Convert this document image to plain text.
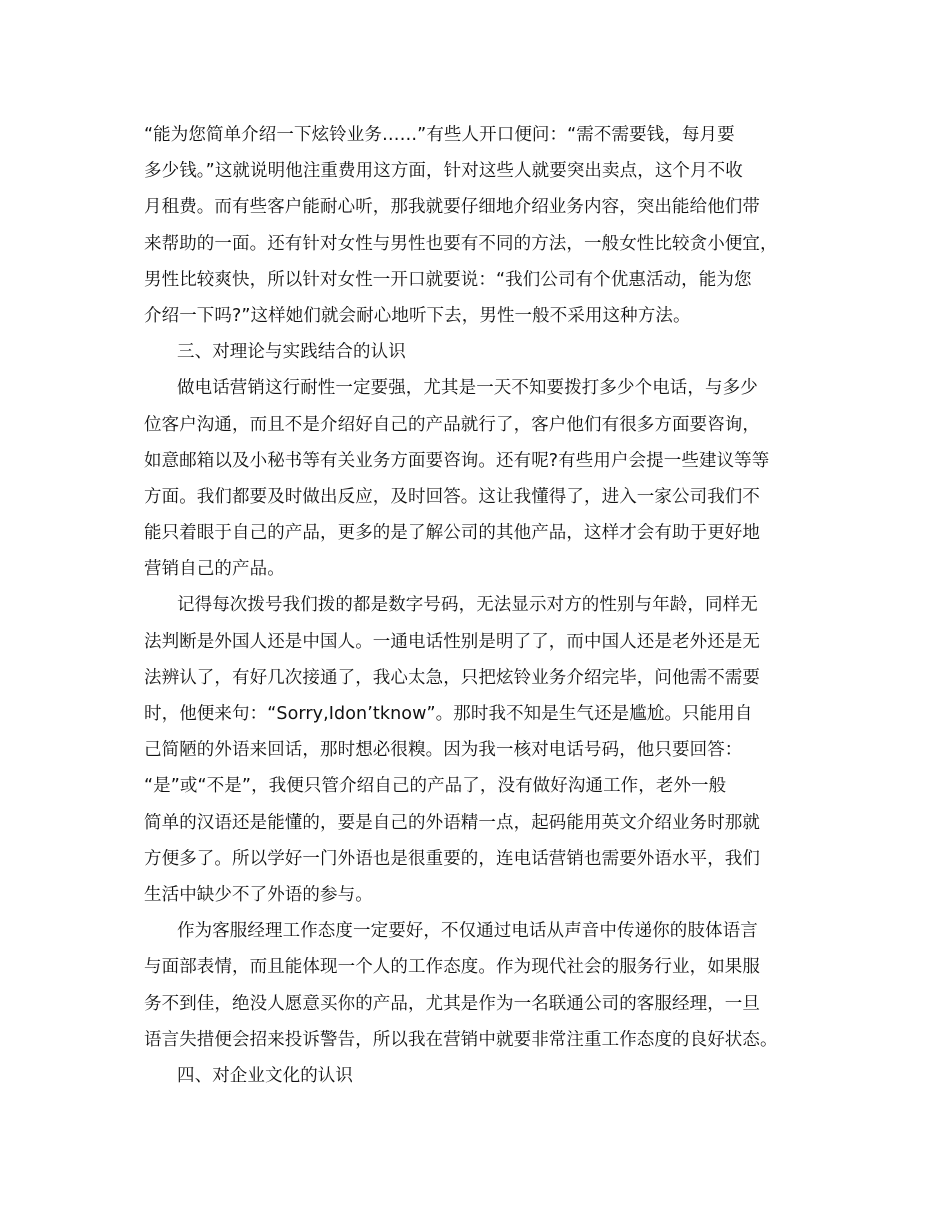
“能为您简单介绍一下炫铃业务……”有些人开口便问：“需不需要钱，每月要
多少钱。”这就说明他注重费用这方面，针对这些人就要突出卖点，这个月不收
月租费。而有些客户能耐心听，那我就要仔细地介绍业务内容，突出能给他们带
来帮助的一面。还有针对女性与男性也要有不同的方法，一般女性比较贪小便宜，
男性比较爽快，所以针对女性一开口就要说：“我们公司有个优惠活动，能为您
介绍一下吗?”这样她们就会耐心地听下去，男性一般不采用这种方法。
三、对理论与实践结合的认识
做电话营销这行耐性一定要强，尤其是一天不知要拨打多少个电话，与多少
位客户沟通，而且不是介绍好自己的产品就行了，客户他们有很多方面要咨询，
如意邮箱以及小秘书等有关业务方面要咨询。还有呢?有些用户会提一些建议等等
方面。我们都要及时做出反应，及时回答。这让我懂得了，进入一家公司我们不
能只着眼于自己的产品，更多的是了解公司的其他产品，这样才会有助于更好地
营销自己的产品。
记得每次拨号我们拨的都是数字号码，无法显示对方的性别与年龄，同样无
法判断是外国人还是中国人。一通电话性别是明了了，而中国人还是老外还是无
法辨认了，有好几次接通了，我心太急，只把炫铃业务介绍完毕，问他需不需要
时，他便来句：“Sorry,Idon’tknow”。那时我不知是生气还是尴尬。只能用自
己简陋的外语来回话，那时想必很糗。因为我一核对电话号码，他只要回答：
“是”或“不是”，我便只管介绍自己的产品了，没有做好沟通工作，老外一般
简单的汉语还是能懂的，要是自己的外语精一点，起码能用英文介绍业务时那就
方便多了。所以学好一门外语也是很重要的，连电话营销也需要外语水平，我们
生活中缺少不了外语的参与。
作为客服经理工作态度一定要好，不仅通过电话从声音中传递你的肢体语言
与面部表情，而且能体现一个人的工作态度。作为现代社会的服务行业，如果服
务不到佳，绝没人愿意买你的产品，尤其是作为一名联通公司的客服经理，一旦
语言失措便会招来投诉警告，所以我在营销中就要非常注重工作态度的良好状态。
四、对企业文化的认识
